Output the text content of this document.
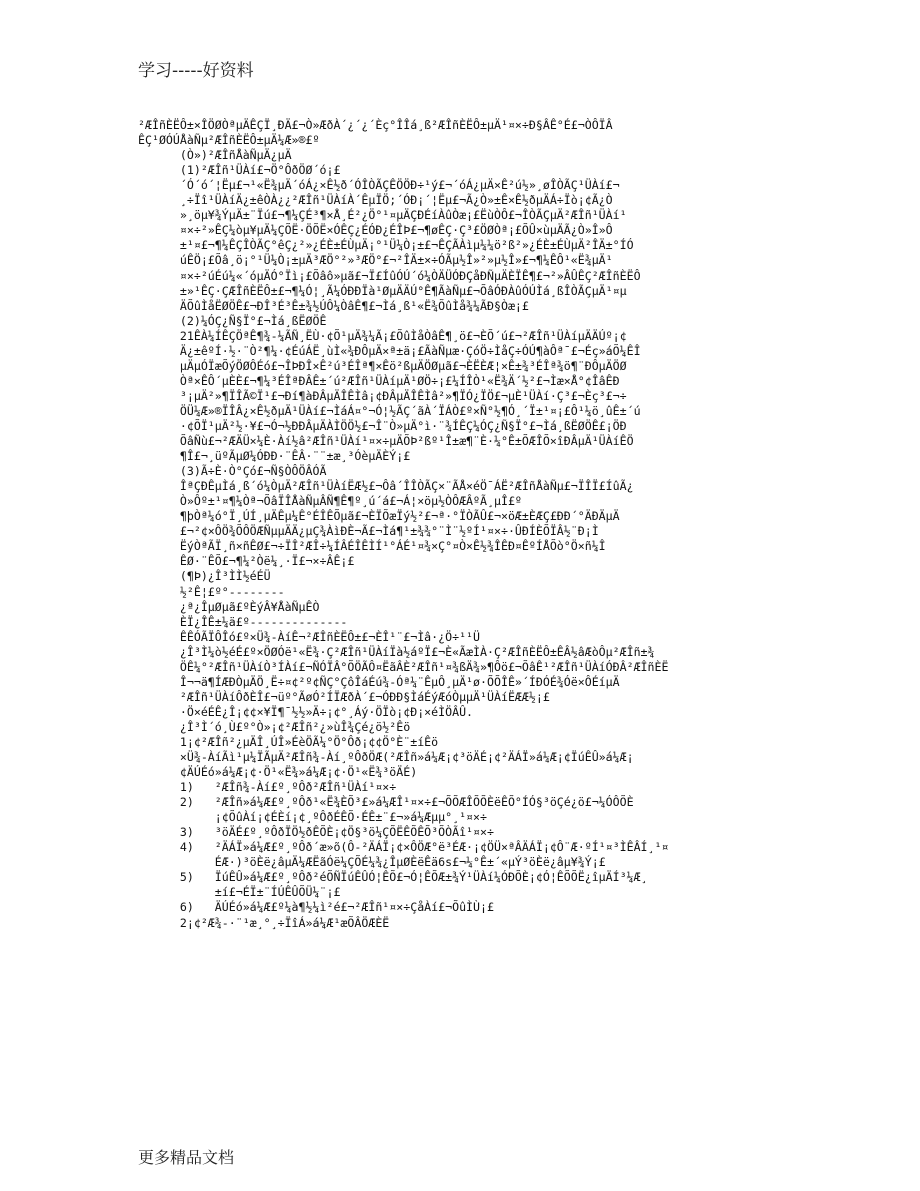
学习-----好资料
²ÆÎñÈËÔ±×ÎÖØÒªµÄÊÇÏ¸ÐÄ£¬Ò»ÆðÀ´¿´¿´Èç°ÎÎá¸ß²ÆÎñÈËÔ±µÄ¹¤×÷Ð§ÂÊ°É£¬ÒÔÏÂ
ÊÇ¹ØÓÚÅàÑµ²ÆÎñÈËÔ±µÄ¼Æ»®£º
(Ò»)²ÆÎñÅàÑµÄ¿µÄ
(1)²ÆÎñ¹ÜÀí£¬Ö°ÔðÖØ´ó¡£
´Ó´ó´¦Ëµ£¬¹«Ë¾µÄ´óÁ¿×Ê½ð´ÓÎÒÃÇÊÖÖÐ÷¹ý£¬´óÁ¿µÄ×Ê²ú½»¸øÎÒÃÇ¹ÜÀí£¬
¸÷Ïî¹ÜÀíÄ¿±êÒÀ¿¿²ÆÎñ¹ÜÀíÀ´ÊµÏÖ;´ÓÐ¡´¦Ëµ£¬Ã¿Ò»±Ê×Ê½ðµÄÁ÷Ïò¡¢Ã¿Ò
»¸öµ¥¾ÝµÄ±¨Ïú£¬¶¼ÇÉ³¶×Å¸É²¿Ö°¹¤µÄÇÐÉíÀûÒæ¡£ËùÒÔ£¬ÎÒÃÇµÄ²ÆÎñ¹ÜÀí¹
¤×÷²»ÊÇ¼òµ¥µÄ¼ÇÕË·ÖÕË×ÓÊÇ¿ÉÓÐ¿ÉÎÞ£¬¶øÊÇ·Ç³£ÖØÒª¡£ÕÛ×ùµÄÃ¿Ò»Î»Ô
±¹¤£¬¶¼ÊÇÎÒÃÇ°êÇ¿²»¿ÉÈ±ÉÙµÄ¡°¹Ü¼Ò¡±£¬ÊÇÃÀìµ¼¼ö²ß²»¿ÉÈ±ÉÙµÄ²ÎÄ±°ÍÓ
úÊÖ¡£Õâ¸ö¡°¹Ü¼Ò¡±µÄ³ÆÖ°²»³ÆÖ°£¬²ÎÄ±×÷ÓÃµ½Î»²»µ½Î»£¬¶¼ÊÔ¹«Ë¾µÄ¹
¤×÷²úÉú¼«´óµÄÓ°Ïì¡£Õâô»µã£¬Ï£ÍûÓÚ´ó¼ÒÄÜÓÐÇåÐÑµÄÈÏÊ¶£¬²»ÂÛÊÇ²ÆÎñÈËÔ
±»¹ÊÇ·ÇÆÎñÈËÔ±£¬¶¼Ó¦¸Ã¼ÓÐÐÏà¹ØµÄÄÚ°Ê¶ÃàÑµ£¬ÕâÓÐÀûÓÚÌá¸ßÎÒÃÇµÄ¹¤µ
ÄÕûÌåËØÖÊ£¬ÐÎ³É³Ê±¾½ÚÔ¼ÒâÊ¶£¬Ìá¸ß¹«Ë¾ÕûÌå¾¼ÃÐ§Òæ¡£
(2)¼ÓÇ¿Ñ§Ï°£¬Ìá¸ßËØÖÊ
21ÊÀ¼ÍÊÇÖªÊ¶¾-¼ÃÑ¸ËÙ·¢Õ¹µÄ¾¼Ã¡£ÕûÌåÒâÊ¶¸ö£¬ÈÕ´ú£¬²ÆÎñ¹ÜÀíµÄÄÚº¡¢
Ä¿±êºÍ·½·¨Ò²¶¼·¢ÉúÁË¸ùÌ«¾ÐÔµÄ×ª±ä¡£ÃàÑµæ·ÇóÖ÷ÌåÇ÷ÓÚ¶àÔª¯£¬Éç»áÕ¼ÊÎ
µÄµÓÏæÕýÖØÔÉó£¬ÎÞÐÎ×Ê²ú³ÉÎª¶×Êö²ßµÄÖØµã£¬ÈËÈÆ¦×Ê±¾³ÉÎª¾ö¶¨ÐÔµÄÖØ
Òª×ÊÔ´µÈÈ£¬¶¼³ÉÎªÐÂÊ±´ú²ÆÎñ¹ÜÀíµÄ¹ØÖ÷¡£¼ÍÎÒ¹«Ë¾Ä´½²£¬Ìæ×Å°¢ÎâÊÐ
³¡µÄ²»¶ÏÎÃ©Ï¹£¬Ðí¶àÐÂµÄÎÊÌâ¡¢ÐÂµÄÎÊÌâ²»¶ÏÓ¿ÏÖ£¬µÈ¹ÜÀí·Ç³£¬Èç³£¬÷
ÖÜ¼Æ»®ÏÎÂ¿×Ê½ðµÄ¹ÜÀí£¬ÌáÁ¤°¬Ó¦½ÃÇ´ãÀ´ÏÁÒ£º×Ñ°½¶Ó¸´Ï±¹¤¡£Ô¹¼ö¸ûÊ±´ú
·¢ÕÏ¹µÄ²½·¥£¬Ó¬½ÐÐÂµÄÀÌÖÖ½£¬Î¨Ò»µÄ°ì·¨¾ÍÊÇ¼ÓÇ¿Ñ§Ï°£¬Ìá¸ßËØÖÊ£¡ÖÐ
ÕâÑù£¬²ÆÄÜ×¼È·Àí½â²ÆÎñ¹ÜÀí¹¤×÷µÄÕÞ²ßº¹Î±æ¶¨È·¼°Ê±ÕÆÎÕ×îÐÂµÄ¹ÜÀíÊÖ
¶Î£¬¸üºÃµØ¼ÓÐÐ·¨ÊÂ·¨¨±æ¸³ÓèµÄÈÝ¡£
(3)Ã÷È·Ò°Çó£¬Ñ§ÒÔÖÂÓÃ
ÎªÇÐÊµÌá¸ß´ó¼ÒµÄ²ÆÎñ¹ÜÀíËÆ½£¬Ôâ´ÎÎÒÃÇ×¨ÃÅ×éÖ¯ÁË²ÆÎñÅàÑµ£¬ÏÎÏ£ÍûÃ¿
Ò»Ôº±¹¤¶¼Òª¬ÕâÏÎÅàÑµÂÑ¶Ê¶º¸ú´á£¬Á¦×öµ½ÒÔÆÂºÃ¸µÎ£º
¶þÒª¼ó°Ï¸ÚÍ¸µÄÊµ¼Ê°ÉÎÊÕµã£¬ÈÏÕæÏý½²£¬ª·°ÏÒÃÛ£¬×öÆ±ÈÆÇ£ÐÐ´°ÄÐÄµÄ
£¬²¢×ÔÖ¾ÕÔÖÆÑµµÄÄ¿µÇ¾ÀìÐÈ¬Ã£¬Ìá¶¹±¾¾°¨Ì¨½ºÍ¹¤×÷·ÛÐÍÈÕÏÂ½¨Ð¡Ì
ËýÒªÃÏ¸ñ×ñÊØ£¬÷ÏÎ²ÆÎ÷¼ÍÂÉÎÊÌÍ¹°ÁÉ¹¤¾×Ç°¤Ò×Ê½¾ÎÊÐ¤ÊºÍÅÕò°Ö×ñ¼Î
ÊØ·¨ÊÕ£¬¶¼²Òë¼¸·Ï£¬×÷ÂÊ¡£
(¶Þ)¿Î³ÌÌ½éÉÜ
½²Ê¦£º°--------
¿ª¿ÎµØµã£ºÈýÂ¥ÅàÑµÊÒ
ÈÏ¿ÎÊ±¼ä£º--------------
ÊÊÓÃÏÔÎó£º×Ü¾-ÀíÊ¬²ÆÎñÈËÔ±£¬ÈÎ¹¨£¬Ìâ·¿Ö÷¹¹Ü
¿Î³Ì¼ò½éÉ£º×ÖØÓë¹«Ë¾·Ç²ÆÎñ¹ÜÀíÏà½áºÏ£¬È«ÃæÌÀ·Ç²ÆÎñÈËÔ±ÊÂ½âÆòÔµ²ÆÎñ±¾
ÖÊ¼°²ÆÎñ¹ÜÀíÒ³ÍÀí£¬ÑÓÏÂ°ÕÖÃÔ¤ËãÂÈ²ÆÎñ¹¤¾ßÄ¾»¶Ôö£¬ÕâÊ¹²ÆÎñ¹ÜÀíÓÐÂ²ÆÎñÈË
Î¬¬ä¶ÍÆÐÒµÄÖ¸Ë÷¤¢²º¢ÑÇ°ÇôÎáÉú¾-Óª¼¨ÊµÔ¸µÄ¹ø·ÕÕÎÊ»´ÍÐÓÉ¾Óë×ÔÉíµÄ
²ÆÎñ¹ÜÀíÔðÈÎ£¬üº°ÃøÓ²ÍÏÆðÀ´£¬ÓÐÐ§ÌáÉýÆóÒµµÄ¹ÜÀíËÆÆ½¡£
·Ö×éÉÊ¿Î¡¢¢×¥Ï¶¯½½»Ä÷¡¢°¸Áý·ÖÏò¡¢Ð¡×éÌÖÂÛ.
¿Î³Ì´ó¸Ù£º°Ò»¡¢²ÆÎñ²¿»ùÎ¾Çé¿ö½²Êö
1¡¢²ÆÎñ²¿µÄÎ¸ÚÎ»ÉèÖÃ¼°Ö°Ôð¡¢¢Ö°È¨±íÊö
×Ü¾-ÀíÃì¹µ¼ÏÃµÄ²ÆÎñ¾-Àí¸ºÔðÖÆ(²ÆÎñ»á¼Æ¡¢³öÄÉ¡¢²ÄÁÏ»á¼Æ¡¢ÏúÊÛ»á¼Æ¡
¢ÄÚÉó»á¼Æ¡¢·Ö¹«Ë¾»á¼Æ¡¢·Ö¹«Ë¾³öÄÉ)
1)   ²ÆÎñ¾-Àí£º¸ºÔð²ÆÎñ¹ÜÀí¹¤×÷
2)   ²ÆÎñ»á¼Æ£º¸ºÔð¹«Ë¾ÈÕ³£»á¼ÆÎ¹¤×÷£¬ÕÕÆÎÕÕÈëÊÕ°ÍÓ§³öÇé¿ö£¬¼ÓÔÕÈ
¡¢ÕûÀí¡¢ÉÈí¡¢¸ºÔðÉÊÕ·ÉÊ±¨£¬»á¼Æµµ°¸¹¤×÷
3)   ³öÄÉ£º¸ºÔðÏÖ½ðÊÕÈ¡¢Ö§³ö¼ÇÕËÊÕÊÕ³ÕÒÃî¹¤×÷
4)   ²ÄÁÏ»á¼Æ£º¸ºÔð´æ»õ(Ô-²ÄÁÏ¡¢×ÔÖÆ°ë³ÉÆ·¡¢ÖÜ×ªÂÄÁÏ¡¢Ô¨Æ·ºÍ¹¤³ÌÊÂÍ¸¹¤
ÉÆ·)³öÈë¿âµÄ¼ÆËãÓë¼ÇÕÉ¼¾¿ÎµØÈëÊä6s£¬¼°Ê±´«µÝ³öÈë¿âµ¥¾Ý¡£
5)   ÏúÊÛ»á¼Æ£º¸ºÔð²éÕÑÏúÊÛÓ¦ÊÕ£¬Ó¦ÊÕÆ±¾Ý¹ÜÀí¼ÓÐÕÈ¡¢Ó¦ÊÕÕË¿îµÄÍ³¼Æ¸
±í£¬ÉÏ±¨ÍÚÊÛÕÜ¼¨¡£
6)   ÄÚÉó»á¼Æ£º¼à¶½¼ì²é£¬²ÆÎñ¹¤×÷ÇåÀí£¬ÕûÌÙ¡£
2¡¢²Æ¾-·¨¹æ¸°¸÷ÏîÁ»á¼Æ¹æÕÂÖÆÈË
更多精品文档
